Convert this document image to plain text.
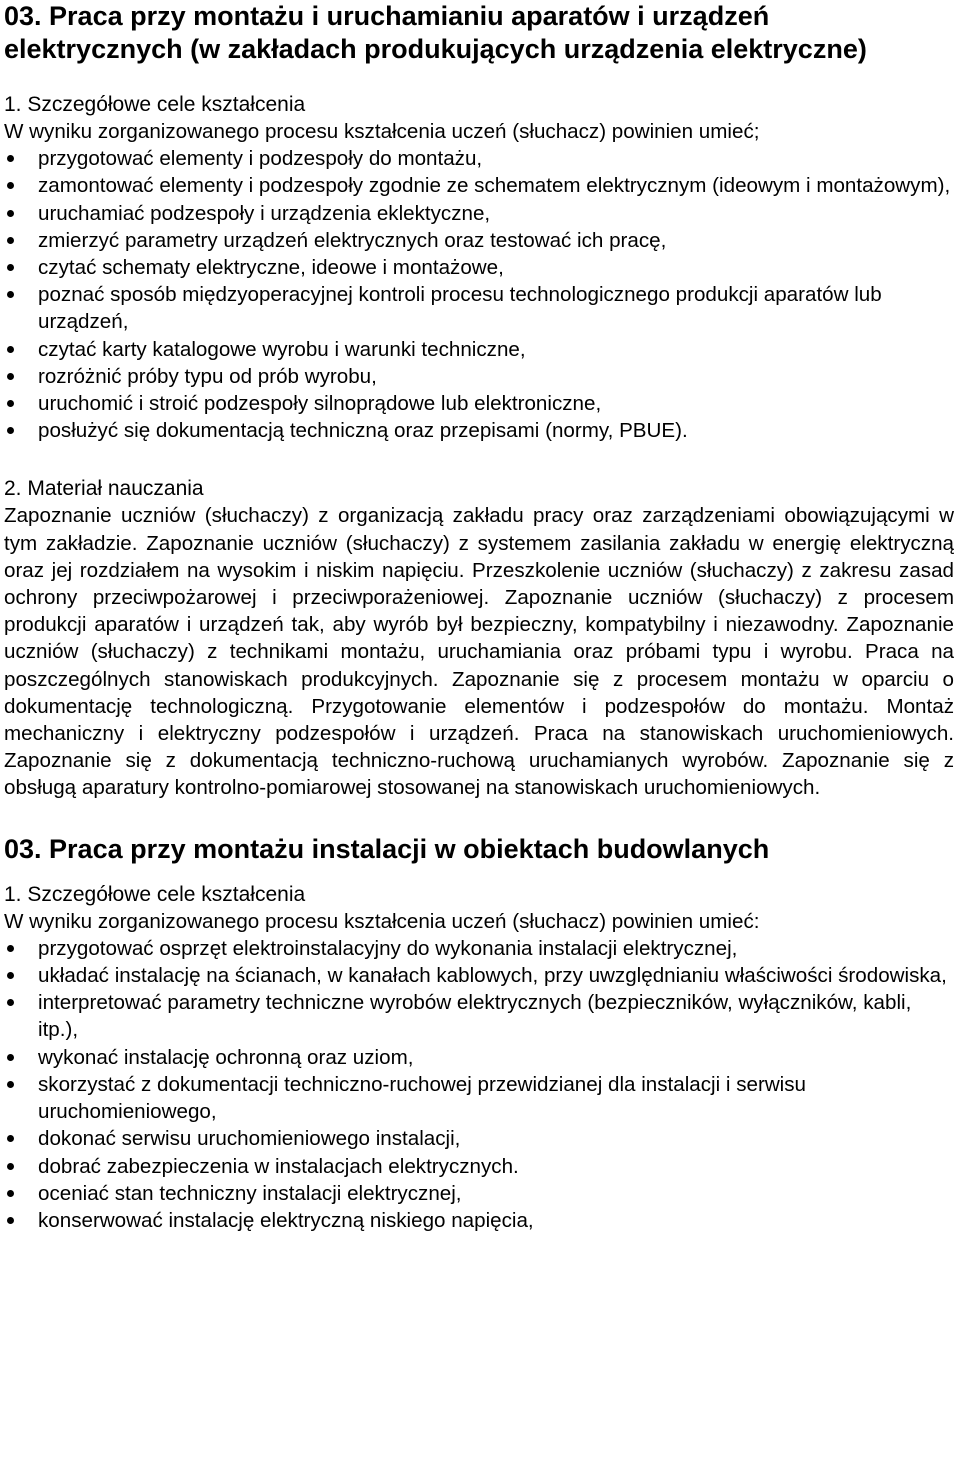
03. Praca przy montażu i uruchamianiu aparatów i urządzeń elektrycznych (w zakładach produkujących urządzenia elektryczne)
1. Szczegółowe cele kształcenia

W wyniku zorganizowanego procesu kształcenia uczeń (słuchacz) powinien umieć;

przygotować elementy i podzespoły do montażu,
zamontować elementy i podzespoły zgodnie ze schematem elektrycznym (ideowym i montażowym),
uruchamiać podzespoły i urządzenia eklektyczne,
zmierzyć parametry urządzeń elektrycznych oraz testować ich pracę,
czytać schematy elektryczne, ideowe i montażowe,
poznać sposób międzyoperacyjnej kontroli procesu technologicznego produkcji aparatów lub urządzeń,
czytać karty katalogowe wyrobu i warunki techniczne,
rozróżnić próby typu od prób wyrobu,
uruchomić i stroić podzespoły silnoprądowe lub elektroniczne,
posłużyć się dokumentacją techniczną oraz przepisami (normy, PBUE).
2. Materiał nauczania

Zapoznanie uczniów (słuchaczy) z organizacją zakładu pracy oraz zarządzeniami obowiązującymi w tym zakładzie. Zapoznanie uczniów (słuchaczy) z systemem zasilania zakładu w energię elektryczną oraz jej rozdziałem na wysokim i niskim napięciu. Przeszkolenie uczniów (słuchaczy) z zakresu zasad ochrony przeciwpożarowej i przeciwporażeniowej. Zapoznanie uczniów (słuchaczy) z procesem produkcji aparatów i urządzeń tak, aby wyrób był bezpieczny, kompatybilny i niezawodny. Zapoznanie uczniów (słuchaczy) z technikami montażu, uruchamiania oraz próbami typu i wyrobu. Praca na poszczególnych stanowiskach produkcyjnych. Zapoznanie się z procesem montażu w oparciu o dokumentację technologiczną. Przygotowanie elementów i podzespołów do montażu. Montaż mechaniczny i elektryczny podzespołów i urządzeń. Praca na stanowiskach uruchomieniowych. Zapoznanie się z dokumentacją techniczno-ruchową uruchamianych wyrobów. Zapoznanie się z obsługą aparatury kontrolno-pomiarowej stosowanej na stanowiskach uruchomieniowych.

03. Praca przy montażu instalacji w obiektach budowlanych
1. Szczegółowe cele kształcenia

W wyniku zorganizowanego procesu kształcenia uczeń (słuchacz) powinien umieć:

przygotować osprzęt elektroinstalacyjny do wykonania instalacji elektrycznej,
układać instalację na ścianach, w kanałach kablowych, przy uwzględnianiu właściwości środowiska,
interpretować parametry techniczne wyrobów elektrycznych (bezpieczników, wyłączników, kabli, itp.),
wykonać instalację ochronną oraz uziom,
skorzystać z dokumentacji techniczno-ruchowej przewidzianej dla instalacji i serwisu uruchomieniowego,
dokonać serwisu uruchomieniowego instalacji,
dobrać zabezpieczenia w instalacjach elektrycznych.
oceniać stan techniczny instalacji elektrycznej,
konserwować instalację elektryczną niskiego napięcia,
